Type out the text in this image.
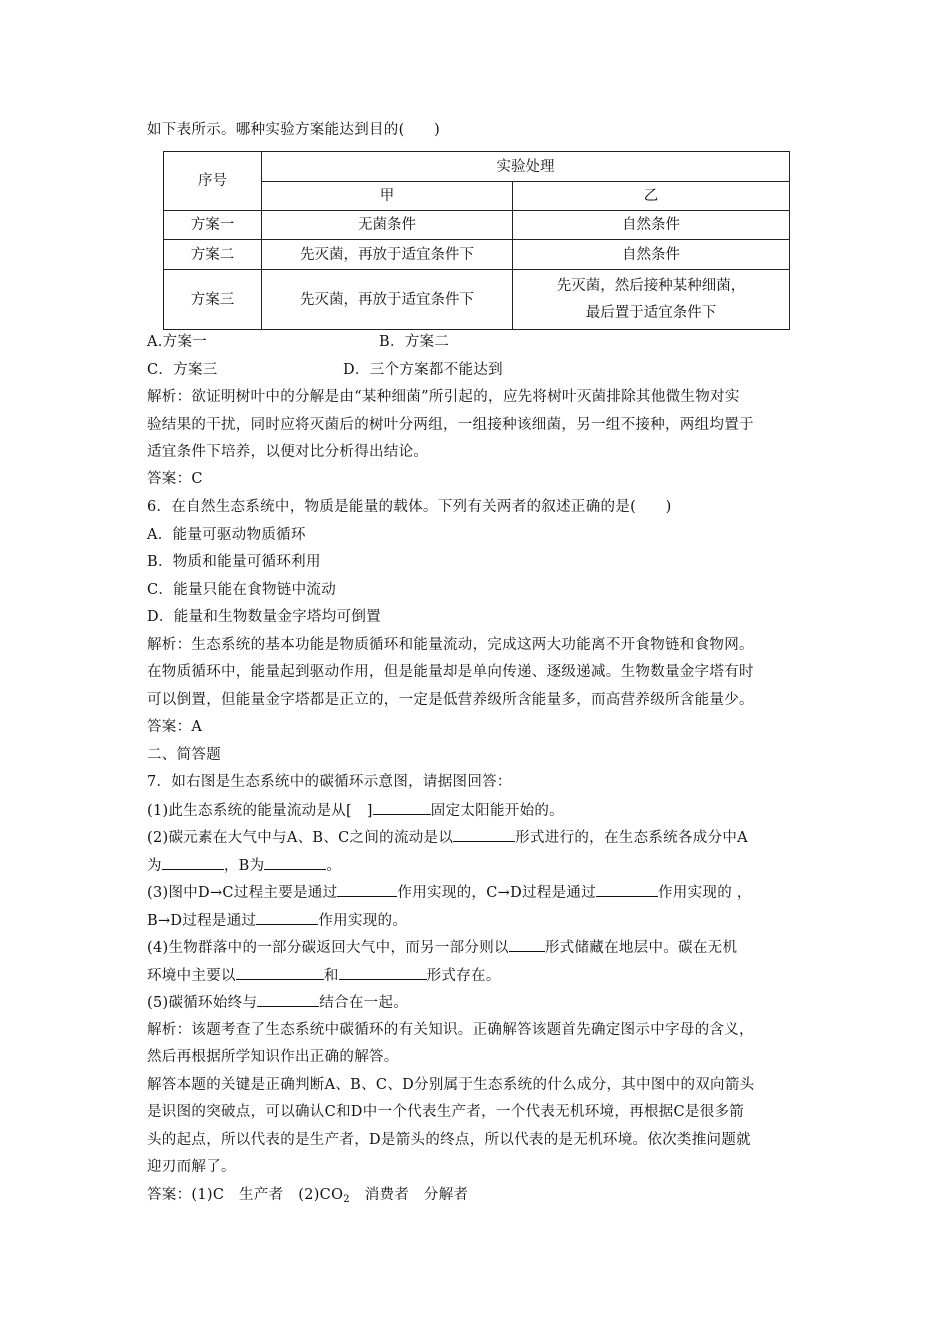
如下表所示。哪种实验方案能达到目的(　　)
序号	实验处理	
	甲	乙
方案一	无菌条件	自然条件
方案二	先灭菌，再放于适宜条件下	自然条件
方案三	先灭菌，再放于适宜条件下	先灭菌，然后接种某种细菌，
最后置于适宜条件下
A.方案一	B．方案二
C．方案三	D．三个方案都不能达到
解析：欲证明树叶中的分解是由“某种细菌”所引起的，应先将树叶灭菌排除其他微生物对实
验结果的干扰，同时应将灭菌后的树叶分两组，一组接种该细菌，另一组不接种，两组均置于
适宜条件下培养，以便对比分析得出结论。
答案：C
6．在自然生态系统中，物质是能量的载体。下列有关两者的叙述正确的是(　　)
A．能量可驱动物质循环
B．物质和能量可循环利用
C．能量只能在食物链中流动
D．能量和生物数量金字塔均可倒置
解析：生态系统的基本功能是物质循环和能量流动，完成这两大功能离不开食物链和食物网。
在物质循环中，能量起到驱动作用，但是能量却是单向传递、逐级递减。生物数量金字塔有时
可以倒置，但能量金字塔都是正立的，一定是低营养级所含能量多，而高营养级所含能量少。
答案：A
二、简答题
7．如右图是生态系统中的碳循环示意图，请据图回答：
(1)此生态系统的能量流动是从[　]	固定太阳能开始的。
(2)碳元素在大气中与A、B、C之间的流动是以	形式进行的，在生态系统各成分中A
为	，B为	。
(3)图中D→C过程主要是通过	作用实现的，C→D过程是通过	作用实现的 ，
B→D过程是通过	作用实现的。
(4)生物群落中的一部分碳返回大气中，而另一部分则以 形式储藏在地层中。碳在无机
环境中主要以	和	形式存在。
(5)碳循环始终与	结合在一起。
解析：该题考查了生态系统中碳循环的有关知识。正确解答该题首先确定图示中字母的含义，
然后再根据所学知识作出正确的解答。
解答本题的关键是正确判断A、B、C、D分别属于生态系统的什么成分，其中图中的双向箭头
是识图的突破点，可以确认C和D中一个代表生产者，一个代表无机环境，再根据C是很多箭
头的起点，所以代表的是生产者，D是箭头的终点，所以代表的是无机环境。依次类推问题就
迎刃而解了。
答案：(1)C　生产者　$(2)CO_2$　消费者　分解者
